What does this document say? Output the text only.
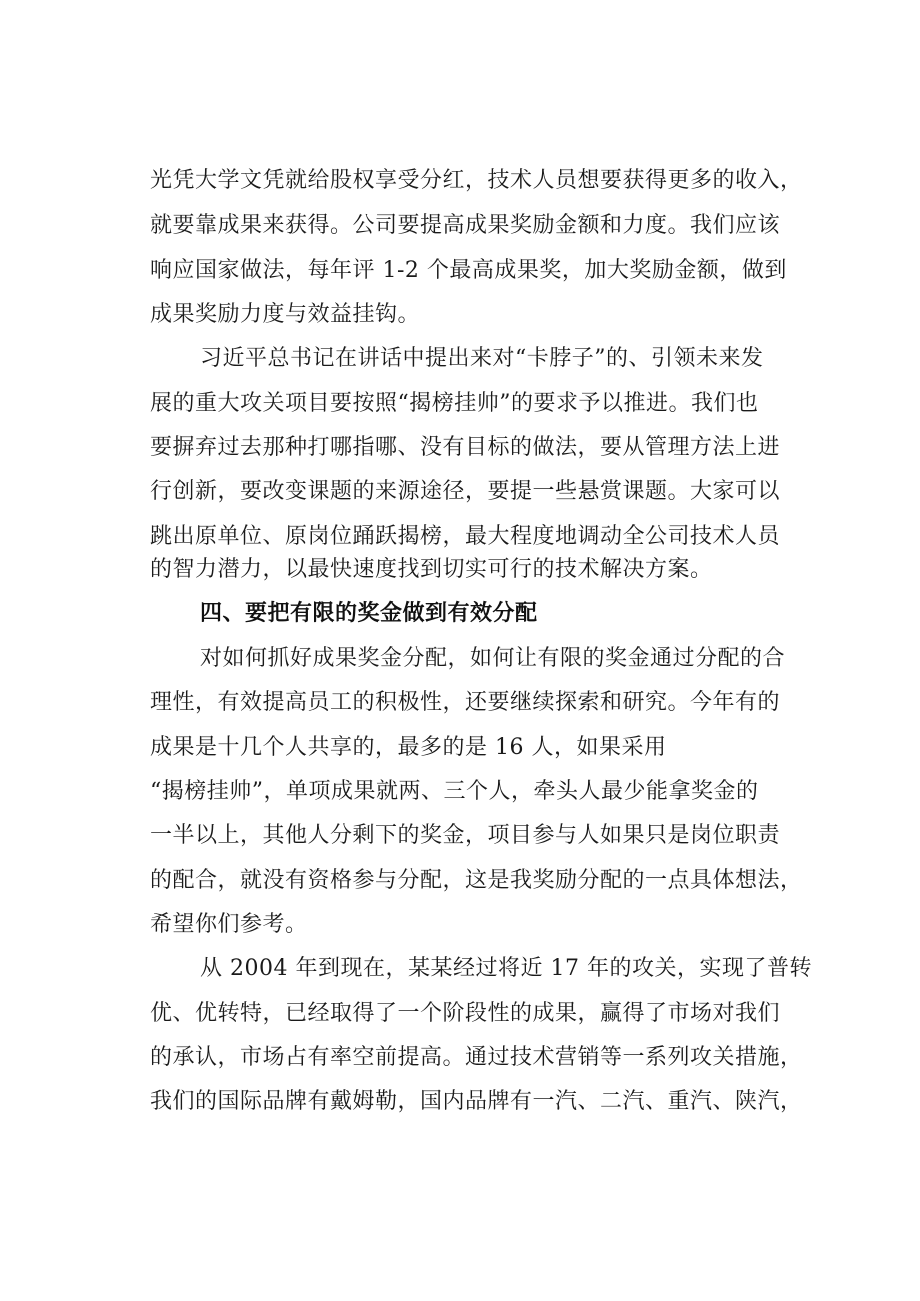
光凭大学文凭就给股权享受分红，技术人员想要获得更多的收入，

就要靠成果来获得。公司要提高成果奖励金额和力度。我们应该

响应国家做法，每年评 1-2 个最高成果奖，加大奖励金额，做到

成果奖励力度与效益挂钩。

习近平总书记在讲话中提出来对“卡脖子”的、引领未来发

展的重大攻关项目要按照“揭榜挂帅”的要求予以推进。我们也

要摒弃过去那种打哪指哪、没有目标的做法，要从管理方法上进

行创新，要改变课题的来源途径，要提一些悬赏课题。大家可以

跳出原单位、原岗位踊跃揭榜，最大程度地调动全公司技术人员

的智力潜力，以最快速度找到切实可行的技术解决方案。

四、要把有限的奖金做到有效分配

对如何抓好成果奖金分配，如何让有限的奖金通过分配的合

理性，有效提高员工的积极性，还要继续探索和研究。今年有的

成果是十几个人共享的，最多的是 16 人，如果采用

“揭榜挂帅”，单项成果就两、三个人，牵头人最少能拿奖金的

一半以上，其他人分剩下的奖金，项目参与人如果只是岗位职责

的配合，就没有资格参与分配，这是我奖励分配的一点具体想法，

希望你们参考。

从 2004 年到现在，某某经过将近 17 年的攻关，实现了普转

优、优转特，已经取得了一个阶段性的成果，赢得了市场对我们

的承认，市场占有率空前提高。通过技术营销等一系列攻关措施，

我们的国际品牌有戴姆勒，国内品牌有一汽、二汽、重汽、陕汽，
